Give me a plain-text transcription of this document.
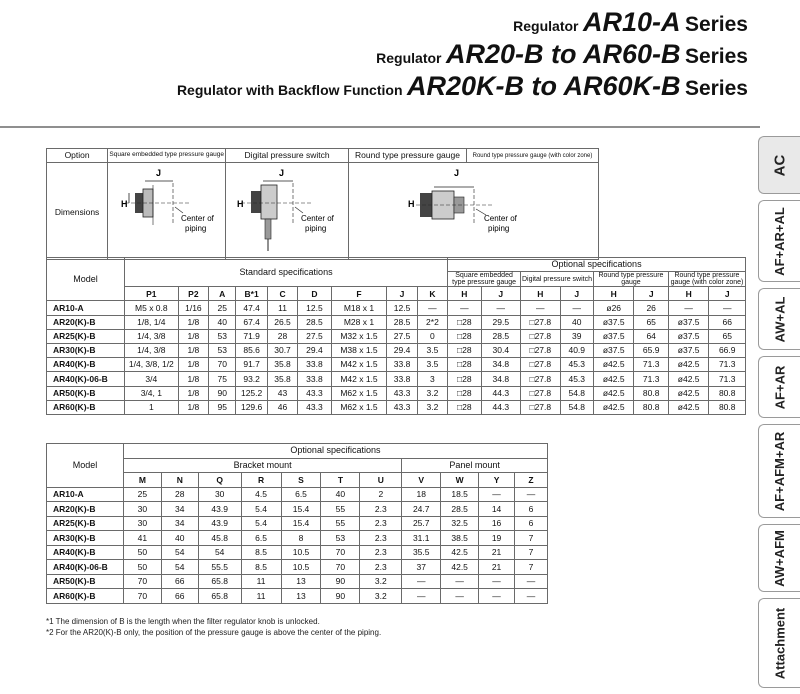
Regulator AR10-A Series
Regulator AR20-B to AR60-B Series
Regulator with Backflow Function AR20K-B to AR60K-B Series
AC
AF+AR+AL
AW+AL
AF+AR
AF+AFM+AR
AW+AFM
Attachment
Option	Square embedded type pressure gauge	Digital pressure switch	Round type pressure gauge	Round type pressure gauge (with color zone)
Dimensions	J
H
Center of
piping	J
H
Center of
piping	J
H
Center of
piping	
Model	Standard specifications									Optional specifications							
										Square embedded type pressure gauge		Digital pressure switch		Round type pressure gauge		Round type pressure gauge (with color zone)	
	P1	P2	A	B*1	C	D	F	J	K	H	J	H	J	H	J	H	J
AR10-A	M5 x 0.8	1/16	25	47.4	11	12.5	M18 x 1	12.5	—	—	—	—	—	ø26	26	—	—
AR20(K)-B	1/8, 1/4	1/8	40	67.4	26.5	28.5	M28 x 1	28.5	2*2	□28	29.5	□27.8	40	ø37.5	65	ø37.5	66
AR25(K)-B	1/4, 3/8	1/8	53	71.9	28	27.5	M32 x 1.5	27.5	0	□28	28.5	□27.8	39	ø37.5	64	ø37.5	65
AR30(K)-B	1/4, 3/8	1/8	53	85.6	30.7	29.4	M38 x 1.5	29.4	3.5	□28	30.4	□27.8	40.9	ø37.5	65.9	ø37.5	66.9
AR40(K)-B	1/4, 3/8, 1/2	1/8	70	91.7	35.8	33.8	M42 x 1.5	33.8	3.5	□28	34.8	□27.8	45.3	ø42.5	71.3	ø42.5	71.3
AR40(K)-06-B	3/4	1/8	75	93.2	35.8	33.8	M42 x 1.5	33.8	3	□28	34.8	□27.8	45.3	ø42.5	71.3	ø42.5	71.3
AR50(K)-B	3/4, 1	1/8	90	125.2	43	43.3	M62 x 1.5	43.3	3.2	□28	44.3	□27.8	54.8	ø42.5	80.8	ø42.5	80.8
AR60(K)-B	1	1/8	95	129.6	46	43.3	M62 x 1.5	43.3	3.2	□28	44.3	□27.8	54.8	ø42.5	80.8	ø42.5	80.8
Model	Optional specifications										
	Bracket mount							Panel mount			
	M	N	Q	R	S	T	U	V	W	Y	Z
AR10-A	25	28	30	4.5	6.5	40	2	18	18.5	—	—
AR20(K)-B	30	34	43.9	5.4	15.4	55	2.3	24.7	28.5	14	6
AR25(K)-B	30	34	43.9	5.4	15.4	55	2.3	25.7	32.5	16	6
AR30(K)-B	41	40	45.8	6.5	8	53	2.3	31.1	38.5	19	7
AR40(K)-B	50	54	54	8.5	10.5	70	2.3	35.5	42.5	21	7
AR40(K)-06-B	50	54	55.5	8.5	10.5	70	2.3	37	42.5	21	7
AR50(K)-B	70	66	65.8	11	13	90	3.2	—	—	—	—
AR60(K)-B	70	66	65.8	11	13	90	3.2	—	—	—	—
*1 The dimension of B is the length when the filter regulator knob is unlocked.
*2 For the AR20(K)-B only, the position of the pressure gauge is above the center of the piping.
